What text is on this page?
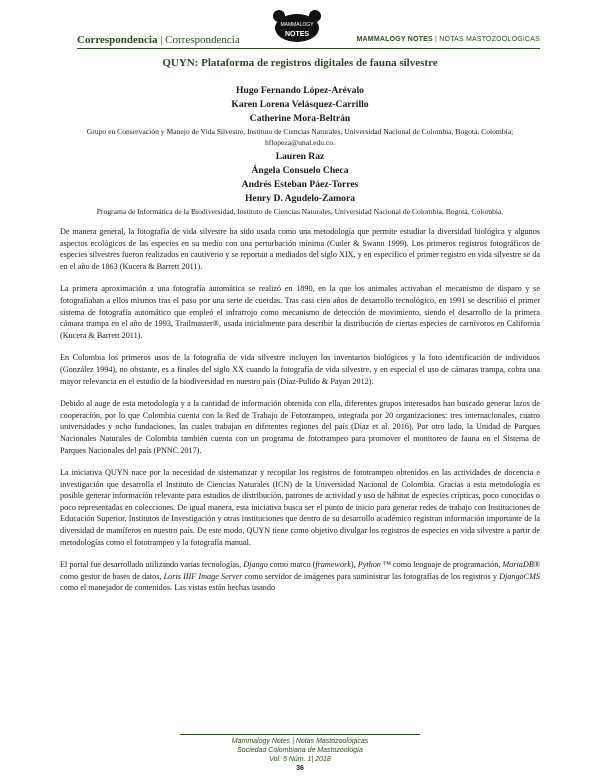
Correspondencia | Correspondencia
MAMMALOGY
NOTES
MAMMALOGY NOTES | NOTAS MASTOZOOLÓGICAS
QUYN: Plataforma de registros digitales de fauna silvestre
Hugo Fernando López-Arévalo
Karen Lorena Velásquez-Carrillo
Catherine Mora-Beltrán
Grupo en Conservación y Manejo de Vida Silvestre, Instituto de Ciencias Naturales, Universidad Nacional de Colombia, Bogotá, Colombia; hflopeza@unal.edu.co.
Lauren Raz
Ángela Consuelo Checa
Andrés Esteban Páez-Torres
Henry D. Agudelo-Zamora
Programa de Informática de la Biodiversidad, Instituto de Ciencias Naturales, Universidad Nacional de Colombia, Bogotá, Colombia.

De manera general, la fotografía de vida silvestre ha sido usada como una metodología que permite estudiar la diversidad biológica y algunos aspectos ecológicos de las especies en su medio con una perturbación mínima (Cutler & Swann 1999). Los primeros registros fotográficos de especies silvestres fueron realizados en cautiverio y se reportan a mediados del siglo XIX, y en específico el primer registro en vida silvestre se da en el año de 1863 (Kucera & Barrett 2011).

La primera aproximación a una fotografía automática se realizó en 1890, en la que los animales activaban el mecanismo de disparo y se fotografiaban a ellos mismos tras el paso por una serie de cuerdas. Tras casi cien años de desarrollo tecnológico, en 1991 se describió el primer sistema de fotografía automático que empleó el infrarrojo como mecanismo de detección de movimiento, siendo el desarrollo de la primera cámara trampa en el año de 1993, Trailmaster®, usada inicialmente para describir la distribución de ciertas especies de carnívoros en California (Kucera & Barrett 2011).

En Colombia los primeros usos de la fotografía de vida silvestre incluyen los inventarios biológicos y la foto identificación de individuos (González 1994), no obstante, es a finales del siglo XX cuando la fotografía de vida silvestre, y en especial el uso de cámaras trampa, cobra una mayor relevancia en el estudio de la biodiversidad en nuestro país (Díaz-Pulido & Payan 2012).

Debido al auge de esta metodología y a la cantidad de información obtenida con ella, diferentes grupos interesados han buscado generar lazos de cooperación, por lo que Colombia cuenta con la Red de Trabajo de Fototrampeo, integrada por 20 organizaciones: tres internacionales, cuatro universidades y ocho fundaciones, las cuales trabajan en diferentes regiones del país (Díaz et al. 2016). Por otro lado, la Unidad de Parques Nacionales Naturales de Colombia también cuenta con un programa de fototrampeo para promover el monitoreo de fauna en el Sistema de Parques Nacionales del país (PNNC 2017).

La iniciativa QUYN nace por la necesidad de sistematizar y recopilar los registros de fototrampeo obtenidos en las actividades de docencia e investigación que desarrolla el Instituto de Ciencias Naturales (ICN) de la Universidad Nacional de Colombia. Gracias a esta metodología es posible generar información relevante para estudios de distribución, patrones de actividad y uso de hábitat de especies crípticas, poco conocidas o poco representadas en colecciones. De igual manera, esta iniciativa busca ser el punto de inicio para generar redes de trabajo con Instituciones de Educación Superior, Institutos de Investigación y otras instituciones que dentro de su desarrollo académico registran información importante de la diversidad de mamíferos en nuestro país. De este modo, QUYN tiene como objetivo divulgar los registros de especies en vida silvestre a partir de metodologías como el fototrampeo y la fotografía manual.

El portal fue desarrollado utilizando varias tecnologías, Django como marco (framework), Python ™ como lenguaje de programación, MariaDB® como gestor de bases de datos, Loris IIIF Image Server como servidor de imágenes para suministrar las fotografías de los registros y DjangoCMS como el manejador de contenidos. Las vistas están hechas usando

Mammalogy Notes | Notas Mastozoológicas
Sociedad Colombiana de Mastozoología
Vol. 5 Núm. 1| 2018
36
